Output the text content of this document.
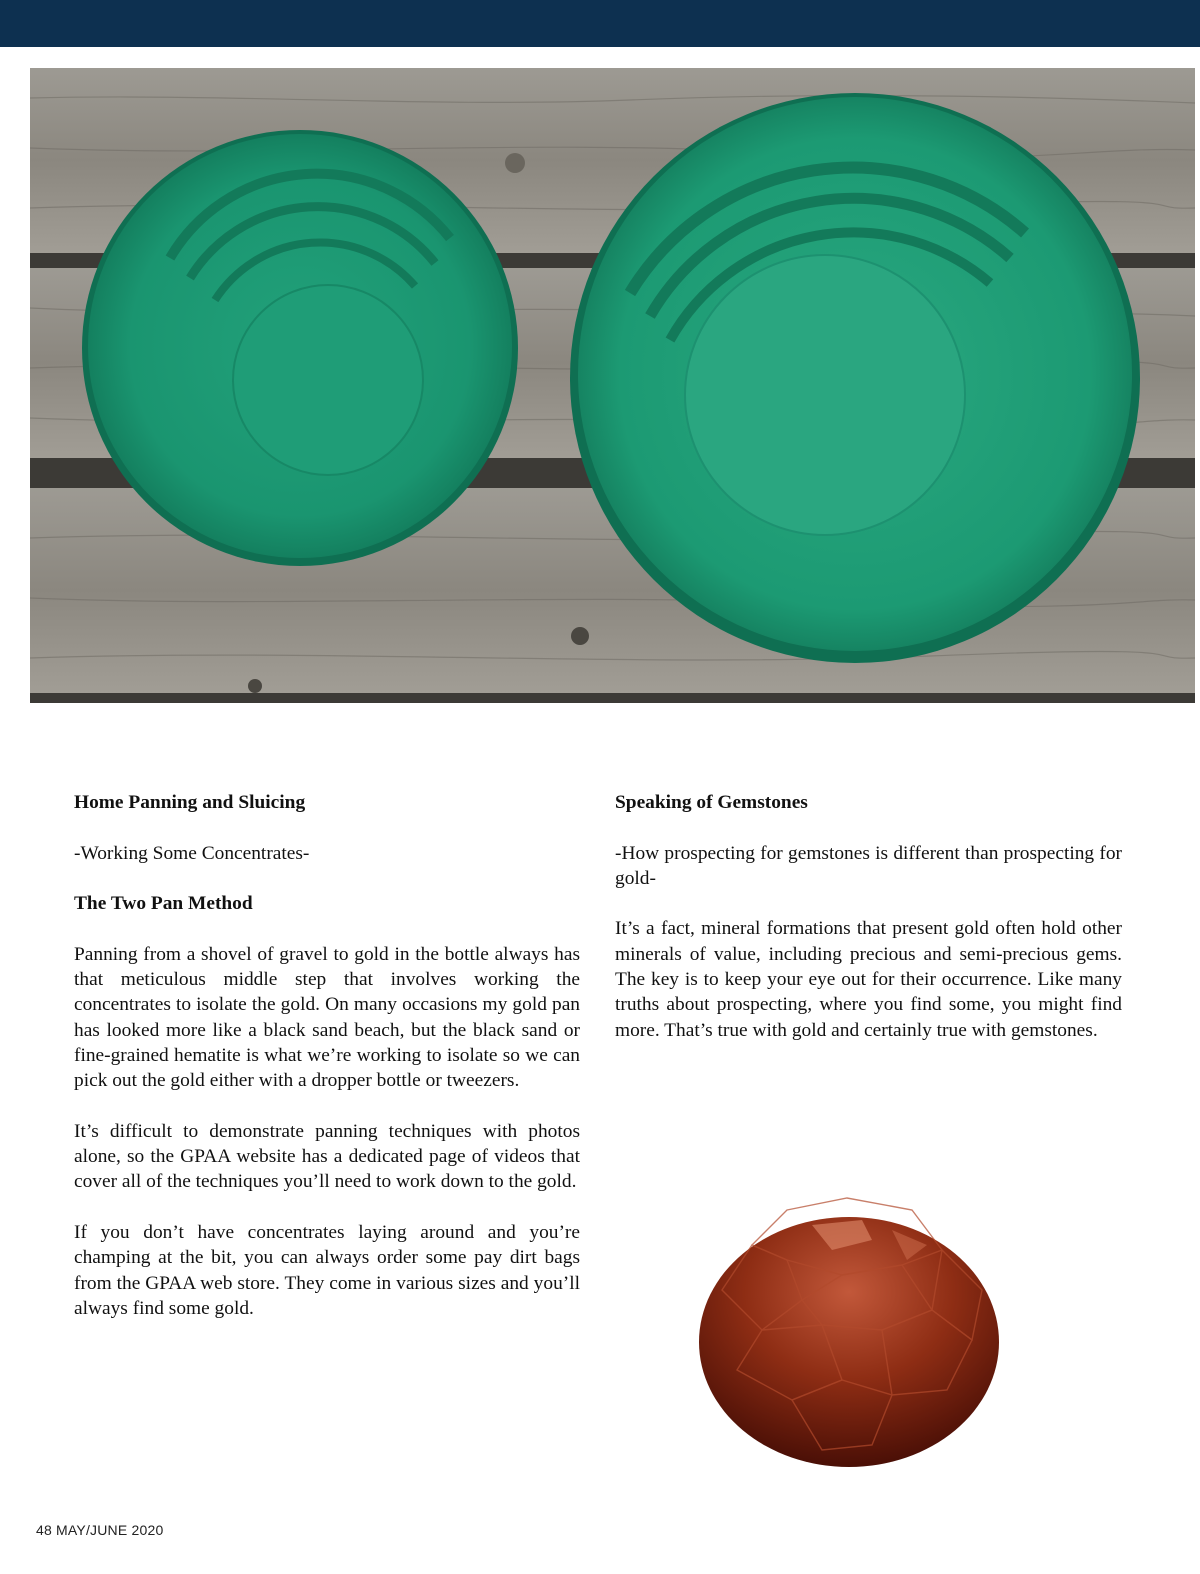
Home Panning and Sluicing

-Working Some Concentrates-

The Two Pan Method

Panning from a shovel of gravel to gold in the bottle always has that meticulous middle step that involves working the concentrates to isolate the gold. On many occasions my gold pan has looked more like a black sand beach, but the black sand or fine-grained hematite is what we’re working to isolate so we can pick out the gold either with a dropper bottle or tweezers.

It’s difficult to demonstrate panning techniques with photos alone, so the GPAA website has a dedicated page of videos that cover all of the techniques you’ll need to work down to the gold.

If you don’t have concentrates laying around and you’re champing at the bit, you can always order some pay dirt bags from the GPAA web store. They come in various sizes and you’ll always find some gold.

Speaking of Gemstones

-How prospecting for gemstones is different than prospecting for gold-

It’s a fact, mineral formations that present gold often hold other minerals of value, including precious and semi-precious gems. The key is to keep your eye out for their occurrence. Like many truths about prospecting, where you find some, you might find more. That’s true with gold and certainly true with gemstones.

48 MAY/JUNE 2020
